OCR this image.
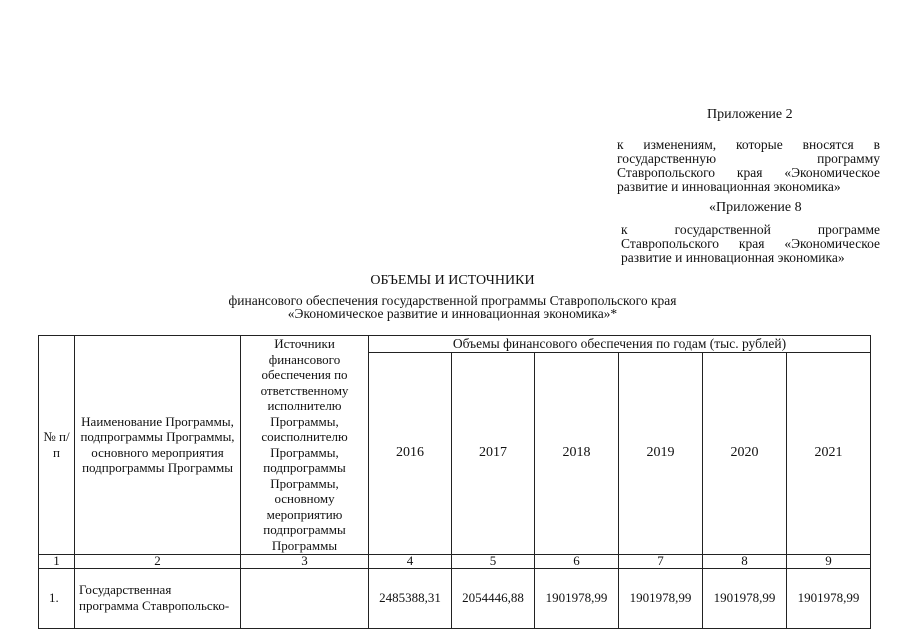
Приложение 2
к изменениям, которые вносятся в государственную программу Ставропольского края «Экономическое развитие и инновационная экономика»
«Приложение 8
к государственной программе Ставропольского края «Экономическое развитие и инновационная экономика»
ОБЪЕМЫ И ИСТОЧНИКИ
финансового обеспечения государственной программы Ставропольского края
«Экономическое развитие и инновационная экономика»*
№ п/п	Наименование Программы, подпрограммы Программы, основного мероприятия подпрограммы Программы	Источники финансового обеспечения по ответственному исполнителю Программы, соисполнителю Программы, подпрограммы Программы, основному мероприятию подпрограммы Программы	Объемы финансового обеспечения по годам (тыс. рублей)					
			2016	2017	2018	2019	2020	2021
1	2	3	4	5	6	7	8	9
1.	Государственная программа Ставропольско-		2485388,31	2054446,88	1901978,99	1901978,99	1901978,99	1901978,99
